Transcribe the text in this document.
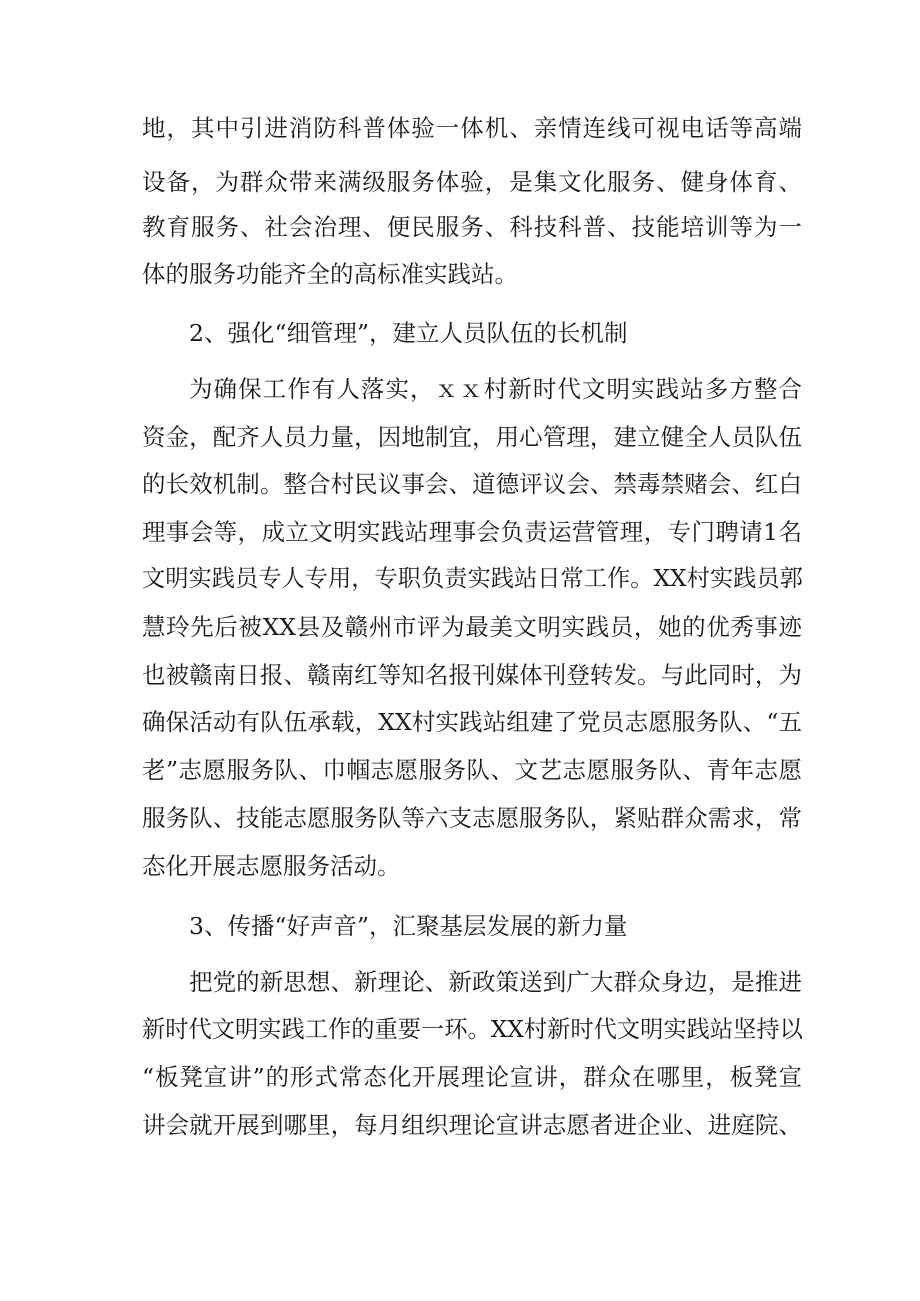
地，其中引进消防科普体验一体机、亲情连线可视电话等高端
设备，为群众带来满级服务体验，是集文化服务、健身体育、
教育服务、社会治理、便民服务、科技科普、技能培训等为一
体的服务功能齐全的高标准实践站。
2、强化“细管理”，建立人员队伍的长机制
为确保工作有人落实，ｘｘ村新时代文明实践站多方整合
资金，配齐人员力量，因地制宜，用心管理，建立健全人员队伍
的长效机制。整合村民议事会、道德评议会、禁毒禁赌会、红白
理事会等，成立文明实践站理事会负责运营管理，专门聘请1名
文明实践员专人专用，专职负责实践站日常工作。XX村实践员郭
慧玲先后被XX县及赣州市评为最美文明实践员，她的优秀事迹
也被赣南日报、赣南红等知名报刊媒体刊登转发。与此同时，为
确保活动有队伍承载，XX村实践站组建了党员志愿服务队、“五
老”志愿服务队、巾帼志愿服务队、文艺志愿服务队、青年志愿
服务队、技能志愿服务队等六支志愿服务队，紧贴群众需求，常
态化开展志愿服务活动。
3、传播“好声音”，汇聚基层发展的新力量
把党的新思想、新理论、新政策送到广大群众身边，是推进
新时代文明实践工作的重要一环。XX村新时代文明实践站坚持以
“板凳宣讲”的形式常态化开展理论宣讲，群众在哪里，板凳宣
讲会就开展到哪里，每月组织理论宣讲志愿者进企业、进庭院、
